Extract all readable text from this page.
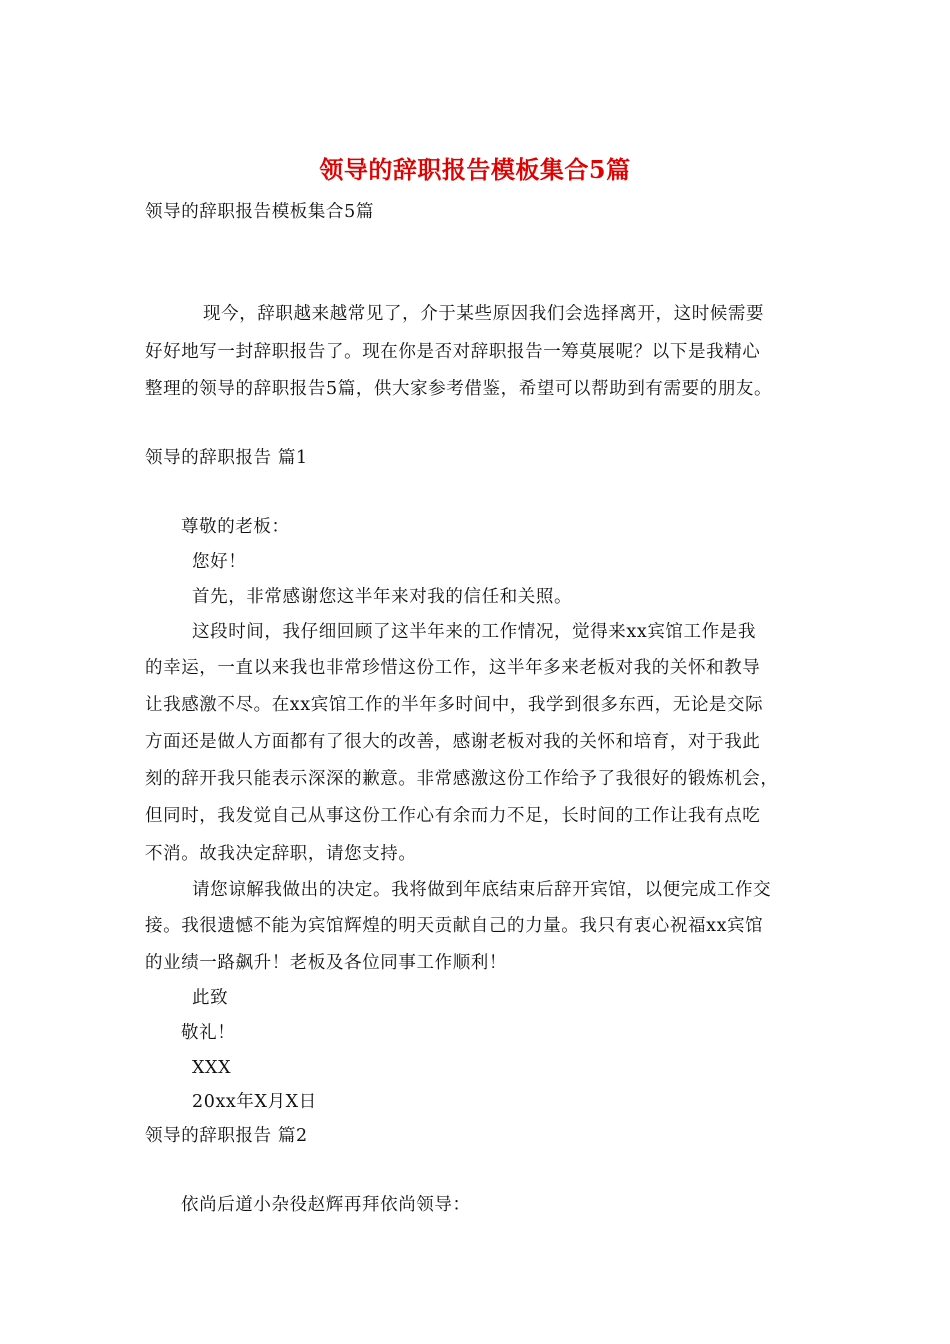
领导的辞职报告模板集合5篇
领导的辞职报告模板集合5篇
现今，辞职越来越常见了，介于某些原因我们会选择离开，这时候需要
好好地写一封辞职报告了。现在你是否对辞职报告一筹莫展呢？以下是我精心
整理的领导的辞职报告5篇，供大家参考借鉴，希望可以帮助到有需要的朋友。
领导的辞职报告 篇1
尊敬的老板：
您好！
首先，非常感谢您这半年来对我的信任和关照。
这段时间，我仔细回顾了这半年来的工作情况，觉得来xx宾馆工作是我
的幸运，一直以来我也非常珍惜这份工作，这半年多来老板对我的关怀和教导
让我感激不尽。在xx宾馆工作的半年多时间中，我学到很多东西，无论是交际
方面还是做人方面都有了很大的改善，感谢老板对我的关怀和培育，对于我此
刻的辞开我只能表示深深的歉意。非常感激这份工作给予了我很好的锻炼机会，
但同时，我发觉自己从事这份工作心有余而力不足，长时间的工作让我有点吃
不消。故我决定辞职，请您支持。
请您谅解我做出的决定。我将做到年底结束后辞开宾馆，以便完成工作交
接。我很遗憾不能为宾馆辉煌的明天贡献自己的力量。我只有衷心祝福xx宾馆
的业绩一路飙升！老板及各位同事工作顺利！
此致
敬礼！
XXX
20xx年X月X日
领导的辞职报告 篇2
依尚后道小杂役赵辉再拜依尚领导：
